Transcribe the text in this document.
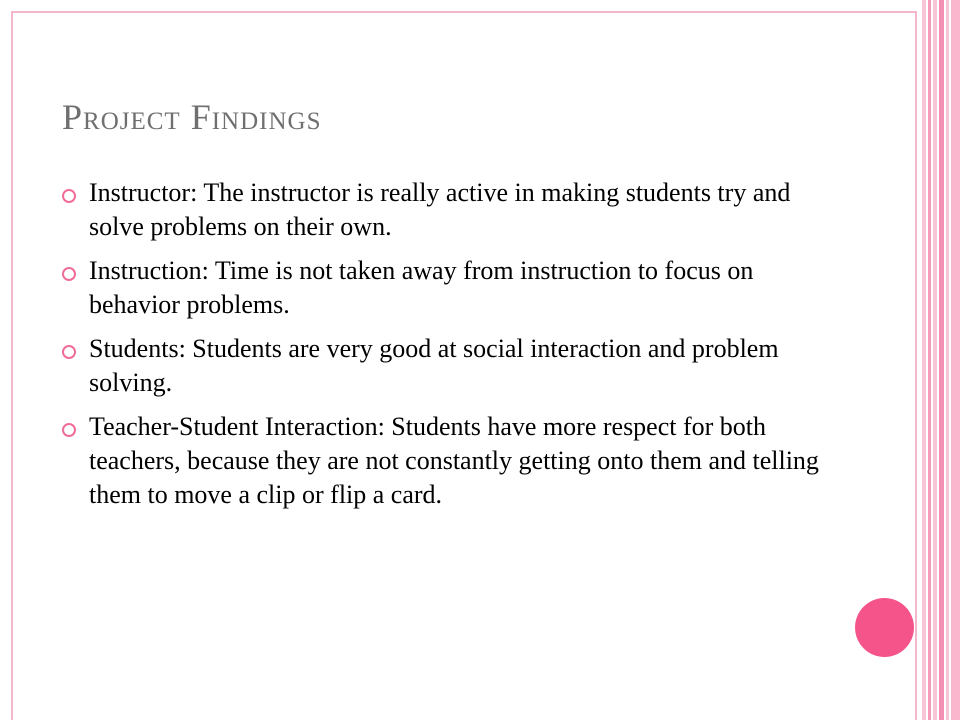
Project Findings
Instructor: The instructor is really active in making students try and solve problems on their own.
Instruction: Time is not taken away from instruction to focus on behavior problems.
Students: Students are very good at social interaction and problem solving.
Teacher-Student Interaction: Students have more respect for both teachers, because they are not constantly getting onto them and telling them to move a clip or flip a card.
